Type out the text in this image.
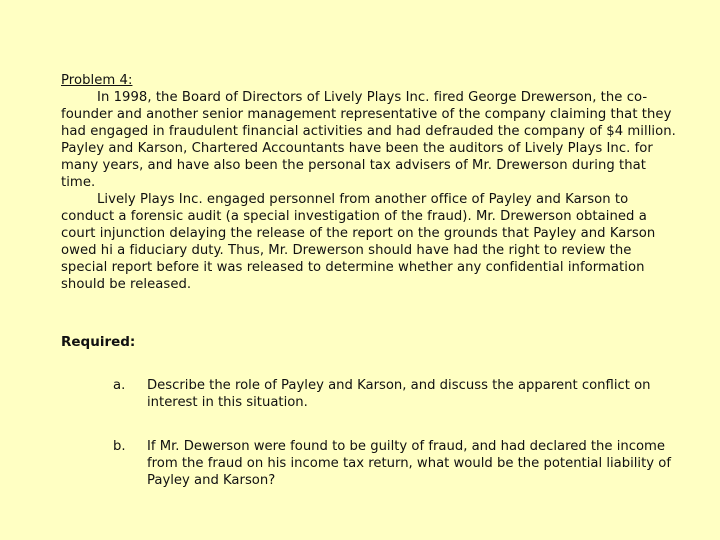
Problem 4:

In 1998, the Board of Directors of Lively Plays Inc. fired George Drewerson, the co-founder and another senior management representative of the company claiming that they had engaged in fraudulent financial activities and had defrauded the company of $4 million. Payley and Karson, Chartered Accountants have been the auditors of Lively Plays Inc. for many years, and have also been the personal tax advisers of Mr. Drewerson during that time.

Lively Plays Inc. engaged personnel from another office of Payley and Karson to conduct a forensic audit (a special investigation of the fraud). Mr. Drewerson obtained a court injunction delaying the release of the report on the grounds that Payley and Karson owed hi a fiduciary duty. Thus, Mr. Drewerson should have had the right to review the special report before it was released to determine whether any confidential information should be released.

Required:
a. Describe the role of Payley and Karson, and discuss the apparent conflict on interest in this situation.
b. If Mr. Dewerson were found to be guilty of fraud, and had declared the income from the fraud on his income tax return, what would be the potential liability of Payley and Karson?
